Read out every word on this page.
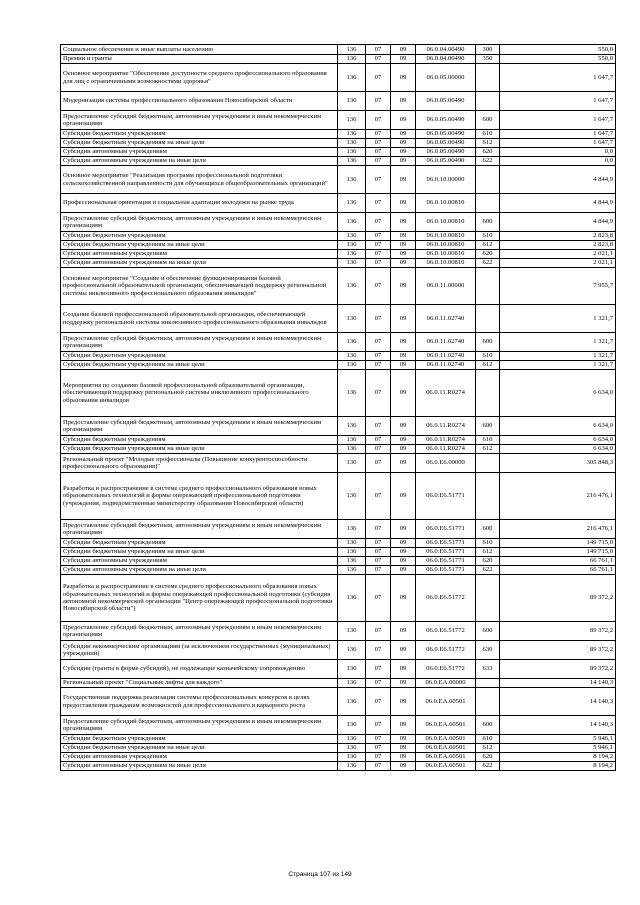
Социальное обеспечение и иные выплаты населению	136	07	09	06.0.04.00490	300	550,0
Премии и гранты	136	07	09	06.0.04.00490	350	550,0
Основное мероприятие "Обеспечение доступности среднего профессионального образования для лиц с ограниченными возможностями здоровья"	136	07	09	06.0.05.00000		1 647,7
Модернизация системы профессионального образования Новосибирской области	136	07	09	06.0.05.00490		1 647,7
Предоставление субсидий бюджетным, автономным учреждениям и иным некоммерческим организациям	136	07	09	06.0.05.00490	600	1 647,7
Субсидии бюджетным учреждениям	136	07	09	06.0.05.00490	610	1 647,7
Субсидии бюджетным учреждениям на иные цели	136	07	09	06.0.05.00490	612	1 647,7
Субсидии автономным учреждениям	136	07	09	06.0.05.00490	620	0,0
Субсидии автономным учреждениям на иные цели	136	07	09	06.0.05.00490	622	0,0
Основное мероприятие "Реализация программ профессиональной подготовки сельскохозяйственной направленности для обучающихся общеобразовательных организаций"	136	07	09	06.0.10.00000		4 844,9
Профессиональная ориентация и социальная адаптация молодежи на рынке труда	136	07	09	06.0.10.00810		4 844,9
Предоставление субсидий бюджетным, автономным учреждениям и иным некоммерческим организациям	136	07	09	06.0.10.00810	600	4 844,9
Субсидии бюджетным учреждениям	136	07	09	06.0.10.00810	610	2 823,8
Субсидии бюджетным учреждениям на иные цели	136	07	09	06.0.10.00810	612	2 823,8
Субсидии автономным учреждениям	136	07	09	06.0.10.00810	620	2 021,1
Субсидии автономным учреждениям на иные цели	136	07	09	06.0.10.00810	622	2 021,1
Основное мероприятие "Создание и обеспечение функционирования базовой профессиональной образовательной организации, обеспечивающей поддержку региональной системы инклюзивного профессионального образования инвалидов"	136	07	09	06.0.11.00000		7 955,7
Создание базовой профессиональной образовательной организации, обеспечивающей поддержку региональной системы инклюзивного профессионального образования инвалидов	136	07	09	06.0.11.02740		1 321,7
Предоставление субсидий бюджетным, автономным учреждениям и иным некоммерческим организациям	136	07	09	06.0.11.02740	600	1 321,7
Субсидии бюджетным учреждениям	136	07	09	06.0.11.02740	610	1 321,7
Субсидии бюджетным учреждениям на иные цели	136	07	09	06.0.11.02740	612	1 321,7
Мероприятия по созданию базовой профессиональной образовательной организации, обеспечивающей поддержку региональной системы инклюзивного профессионального образования инвалидов	136	07	09	06.0.11.R0274		6 634,0
Предоставление субсидий бюджетным, автономным учреждениям и иным некоммерческим организациям	136	07	09	06.0.11.R0274	600	6 634,0
Субсидии бюджетным учреждениям	136	07	09	06.0.11.R0274	610	6 634,0
Субсидии бюджетным учреждениям на иные цели	136	07	09	06.0.11.R0274	612	6 634,0
Региональный проект "Молодые профессионалы (Повышение конкурентоспособности профессионального образования)"	136	07	09	06.0.E6.00000		305 848,3
Разработка и распространение в системе среднего профессионального образования новых образовательных технологий и формы опережающей профессиональной подготовки (учреждения, подведомственные министерству образования Новосибирской области)	136	07	09	06.0.E6.51771		216 476,1
Предоставление субсидий бюджетным, автономным учреждениям и иным некоммерческим организациям	136	07	09	06.0.E6.51771	600	216 476,1
Субсидии бюджетным учреждениям	136	07	09	06.0.E6.51771	610	149 715,0
Субсидии бюджетным учреждениям на иные цели	136	07	09	06.0.E6.51771	612	149 715,0
Субсидии автономным учреждениям	136	07	09	06.0.E6.51771	620	66 761,1
Субсидии автономным учреждениям на иные цели	136	07	09	06.0.E6.51771	622	66 761,1
Разработка и распространение в системе среднего профессионального образования новых образовательных технологий и формы опережающей профессиональной подготовки (субсидия автономной некоммерческой организации "Центр опережающей профессиональной подготовки Новосибирской области")	136	07	09	06.0.E6.51772		89 372,2
Предоставление субсидий бюджетным, автономным учреждениям и иным некоммерческим организациям	136	07	09	06.0.E6.51772	600	89 372,2
Субсидии некоммерческим организациям (за исключением государственных (муниципальных) учреждений)	136	07	09	06.0.E6.51772	630	89 372,2
Субсидии (гранты в форме субсидий), не подлежащие казначейскому сопровождению	136	07	09	06.0.E6.51772	633	89 372,2
Региональный проект "Социальные лифты для каждого"	136	07	09	06.0.EA.00000		14 140,3
Государственная поддержка реализации системы профессиональных конкурсов в целях предоставления гражданам возможностей для профессионального и карьерного роста	136	07	09	06.0.EA.60501		14 140,3
Предоставление субсидий бюджетным, автономным учреждениям и иным некоммерческим организациям	136	07	09	06.0.EA.60501	600	14 140,3
Субсидии бюджетным учреждениям	136	07	09	06.0.EA.60501	610	5 946,1
Субсидии бюджетным учреждениям на иные цели	136	07	09	06.0.EA.60501	612	5 946,1
Субсидии автономным учреждениям	136	07	09	06.0.EA.60501	620	8 194,2
Субсидии автономным учреждениям на иные цели	136	07	09	06.0.EA.60501	622	8 194,2
Страница 107 из 149
